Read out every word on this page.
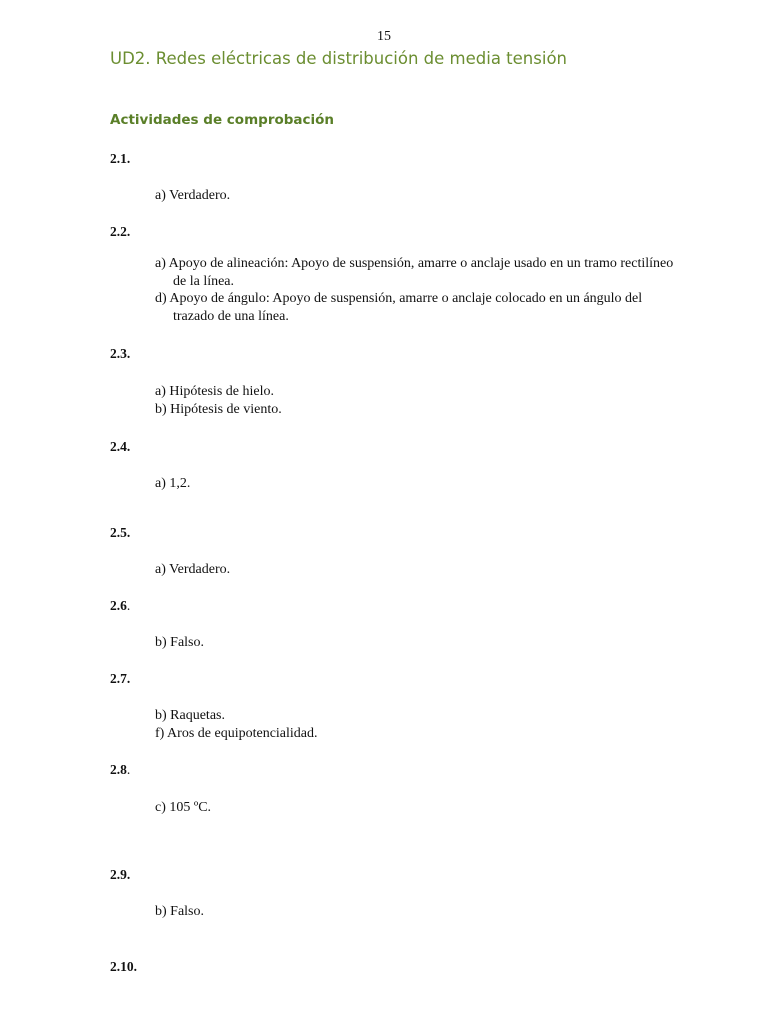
15
UD2. Redes eléctricas de distribución de media tensión
Actividades de comprobación
2.1.
a) Verdadero.
2.2.
a) Apoyo de alineación: Apoyo de suspensión, amarre o anclaje usado en un tramo rectilíneo de la línea.
d) Apoyo de ángulo: Apoyo de suspensión, amarre o anclaje colocado en un ángulo del trazado de una línea.
2.3.
a) Hipótesis de hielo.
b) Hipótesis de viento.
2.4.
a) 1,2.
2.5.
a) Verdadero.
2.6.
b) Falso.
2.7.
b) Raquetas.
f) Aros de equipotencialidad.
2.8.
c) 105 ºC.
2.9.
b) Falso.
2.10.
